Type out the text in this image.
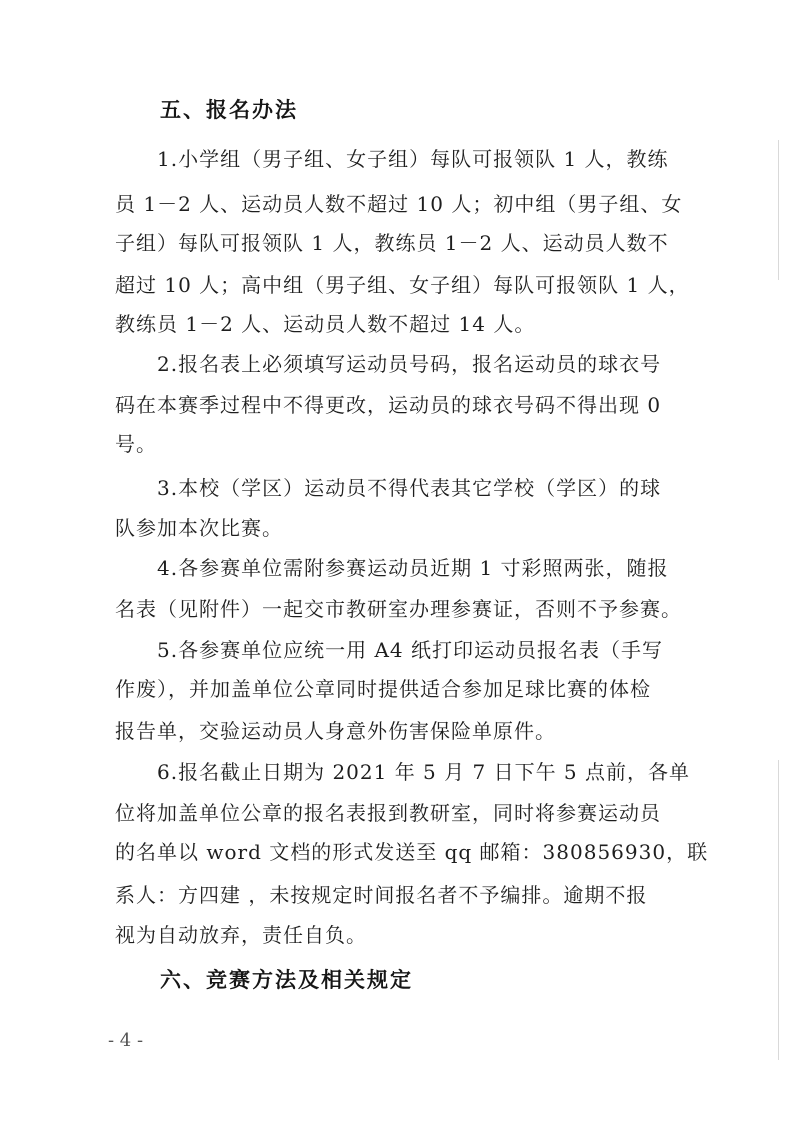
五、报名办法
1.小学组（男子组、女子组）每队可报领队 1 人，教练
员 1－2 人、运动员人数不超过 10 人；初中组（男子组、女
子组）每队可报领队 1 人，教练员 1－2 人、运动员人数不
超过 10 人；高中组（男子组、女子组）每队可报领队 1 人，
教练员 1－2 人、运动员人数不超过 14 人。
2.报名表上必须填写运动员号码，报名运动员的球衣号
码在本赛季过程中不得更改，运动员的球衣号码不得出现 0
号。
3.本校（学区）运动员不得代表其它学校（学区）的球
队参加本次比赛。
4.各参赛单位需附参赛运动员近期 1 寸彩照两张，随报
名表（见附件）一起交市教研室办理参赛证，否则不予参赛。
5.各参赛单位应统一用 A4 纸打印运动员报名表（手写
作废），并加盖单位公章同时提供适合参加足球比赛的体检
报告单，交验运动员人身意外伤害保险单原件。
6.报名截止日期为 2021 年 5 月 7 日下午 5 点前，各单
位将加盖单位公章的报名表报到教研室，同时将参赛运动员
的名单以 word 文档的形式发送至 qq 邮箱：380856930，联
系人：方四建 ，未按规定时间报名者不予编排。逾期不报
视为自动放弃，责任自负。
六、竞赛方法及相关规定
- 4 -
